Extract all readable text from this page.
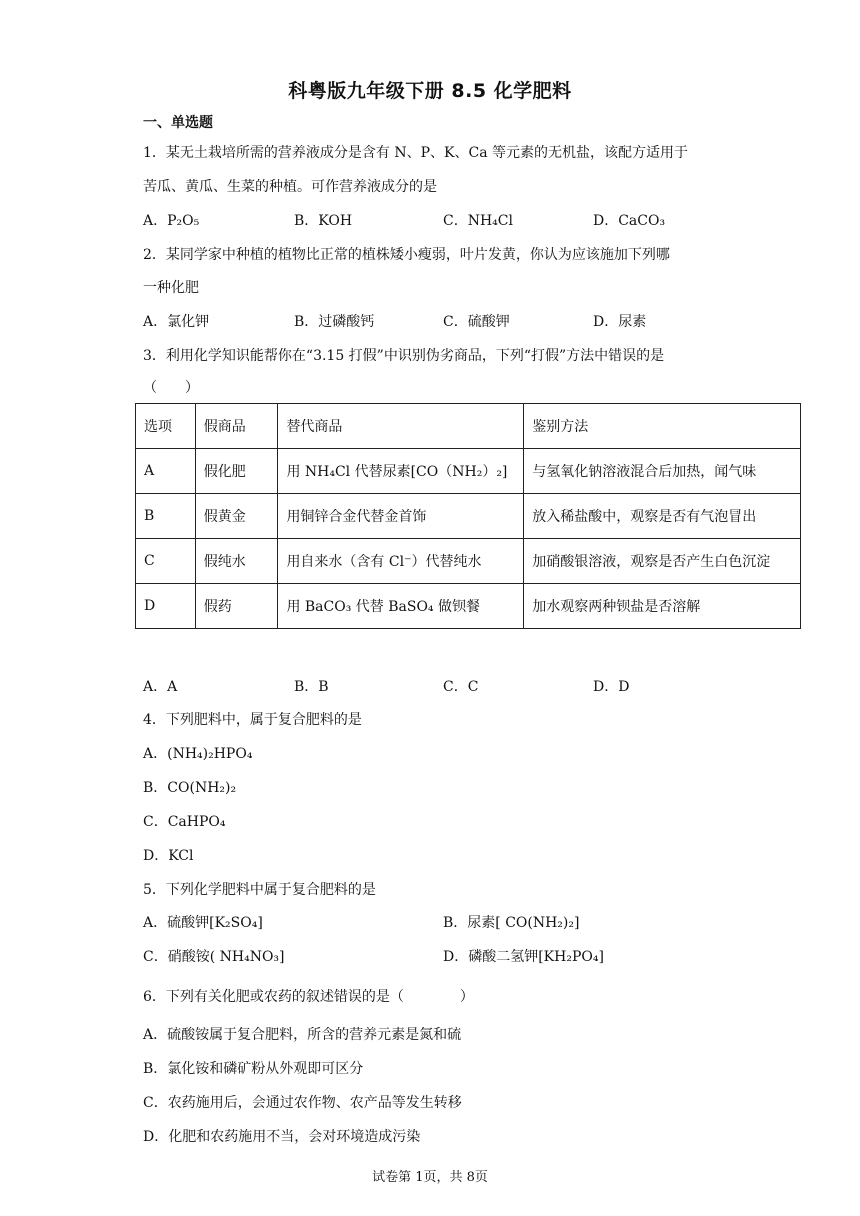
科粤版九年级下册 8.5 化学肥料
一、单选题
1．某无土栽培所需的营养液成分是含有 N、P、K、Ca 等元素的无机盐，该配方适用于
苦瓜、黄瓜、生菜的种植。可作营养液成分的是
A．P₂O₅	B．KOH	C．NH₄Cl	D．CaCO₃
2．某同学家中种植的植物比正常的植株矮小瘦弱，叶片发黄，你认为应该施加下列哪
一种化肥
A．氯化钾	B．过磷酸钙	C．硫酸钾	D．尿素
3．利用化学知识能帮你在“3.15 打假”中识别伪劣商品，下列“打假”方法中错误的是
（　　）
选项	假商品	替代商品	鉴别方法
A	假化肥	用 NH₄Cl 代替尿素[CO（NH₂）₂]	与氢氧化钠溶液混合后加热，闻气味
B	假黄金	用铜锌合金代替金首饰	放入稀盐酸中，观察是否有气泡冒出
C	假纯水	用自来水（含有 Cl⁻）代替纯水	加硝酸银溶液，观察是否产生白色沉淀
D	假药	用 BaCO₃ 代替 BaSO₄ 做钡餐	加水观察两种钡盐是否溶解
A．A	B．B	C．C	D．D
4．下列肥料中，属于复合肥料的是
A．(NH₄)₂HPO₄
B．CO(NH₂)₂
C．CaHPO₄
D．KCl
5．下列化学肥料中属于复合肥料的是
A．硫酸钾[K₂SO₄]	B．尿素[ CO(NH₂)₂]
C．硝酸铵( NH₄NO₃]	D．磷酸二氢钾[KH₂PO₄]
6．下列有关化肥或农药的叙述错误的是（　　　　）
A．硫酸铵属于复合肥料，所含的营养元素是氮和硫
B．氯化铵和磷矿粉从外观即可区分
C．农药施用后，会通过农作物、农产品等发生转移
D．化肥和农药施用不当，会对环境造成污染
试卷第 1页，共 8页
